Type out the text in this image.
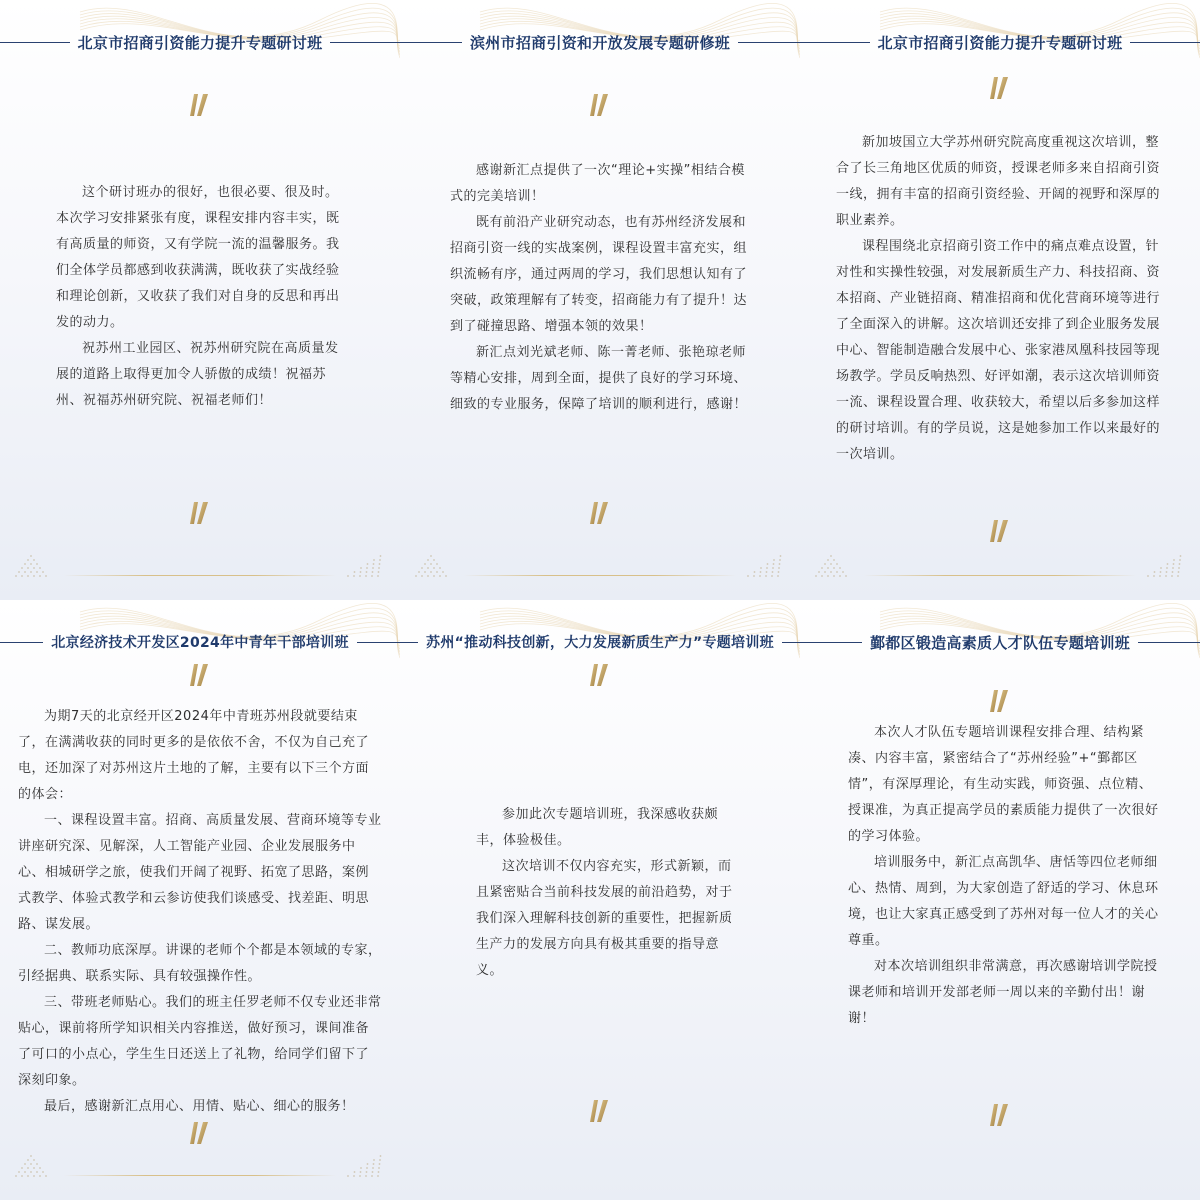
北京市招商引资能力提升专题研讨班

这个研讨班办的很好，也很必要、很及时。本次学习安排紧张有度，课程安排内容丰实，既有高质量的师资，又有学院一流的温馨服务。我们全体学员都感到收获满满，既收获了实战经验和理论创新，又收获了我们对自身的反思和再出发的动力。

祝苏州工业园区、祝苏州研究院在高质量发展的道路上取得更加令人骄傲的成绩！祝福苏州、祝福苏州研究院、祝福老师们！

滨州市招商引资和开放发展专题研修班

感谢新汇点提供了一次“理论+实操”相结合模式的完美培训！

既有前沿产业研究动态，也有苏州经济发展和招商引资一线的实战案例，课程设置丰富充实，组织流畅有序，通过两周的学习，我们思想认知有了突破，政策理解有了转变，招商能力有了提升！达到了碰撞思路、增强本领的效果！

新汇点刘光斌老师、陈一菁老师、张艳琼老师等精心安排，周到全面，提供了良好的学习环境、细致的专业服务，保障了培训的顺利进行，感谢！

北京市招商引资能力提升专题研讨班

新加坡国立大学苏州研究院高度重视这次培训，整合了长三角地区优质的师资，授课老师多来自招商引资一线，拥有丰富的招商引资经验、开阔的视野和深厚的职业素养。

课程围绕北京招商引资工作中的痛点难点设置，针对性和实操性较强，对发展新质生产力、科技招商、资本招商、产业链招商、精准招商和优化营商环境等进行了全面深入的讲解。这次培训还安排了到企业服务发展中心、智能制造融合发展中心、张家港凤凰科技园等现场教学。学员反响热烈、好评如潮，表示这次培训师资一流、课程设置合理、收获较大，希望以后多参加这样的研讨培训。有的学员说，这是她参加工作以来最好的一次培训。

北京经济技术开发区2024年中青年干部培训班

为期7天的北京经开区2024年中青班苏州段就要结束了，在满满收获的同时更多的是依依不舍，不仅为自己充了电，还加深了对苏州这片土地的了解，主要有以下三个方面的体会：

一、课程设置丰富。招商、高质量发展、营商环境等专业讲座研究深、见解深，人工智能产业园、企业发展服务中心、相城研学之旅，使我们开阔了视野、拓宽了思路，案例式教学、体验式教学和云参访使我们谈感受、找差距、明思路、谋发展。

二、教师功底深厚。讲课的老师个个都是本领域的专家，引经据典、联系实际、具有较强操作性。

三、带班老师贴心。我们的班主任罗老师不仅专业还非常贴心，课前将所学知识相关内容推送，做好预习，课间准备了可口的小点心，学生生日还送上了礼物，给同学们留下了深刻印象。

最后，感谢新汇点用心、用情、贴心、细心的服务！

苏州“推动科技创新，大力发展新质生产力”专题培训班

参加此次专题培训班，我深感收获颇丰，体验极佳。

这次培训不仅内容充实，形式新颖，而且紧密贴合当前科技发展的前沿趋势，对于我们深入理解科技创新的重要性，把握新质生产力的发展方向具有极其重要的指导意义。

鄞都区锻造高素质人才队伍专题培训班

本次人才队伍专题培训课程安排合理、结构紧凑、内容丰富，紧密结合了“苏州经验”+“鄞都区情”，有深厚理论，有生动实践，师资强、点位精、授课准，为真正提高学员的素质能力提供了一次很好的学习体验。

培训服务中，新汇点高凯华、唐恬等四位老师细心、热情、周到，为大家创造了舒适的学习、休息环境，也让大家真正感受到了苏州对每一位人才的关心尊重。

对本次培训组织非常满意，再次感谢培训学院授课老师和培训开发部老师一周以来的辛勤付出！谢谢！
